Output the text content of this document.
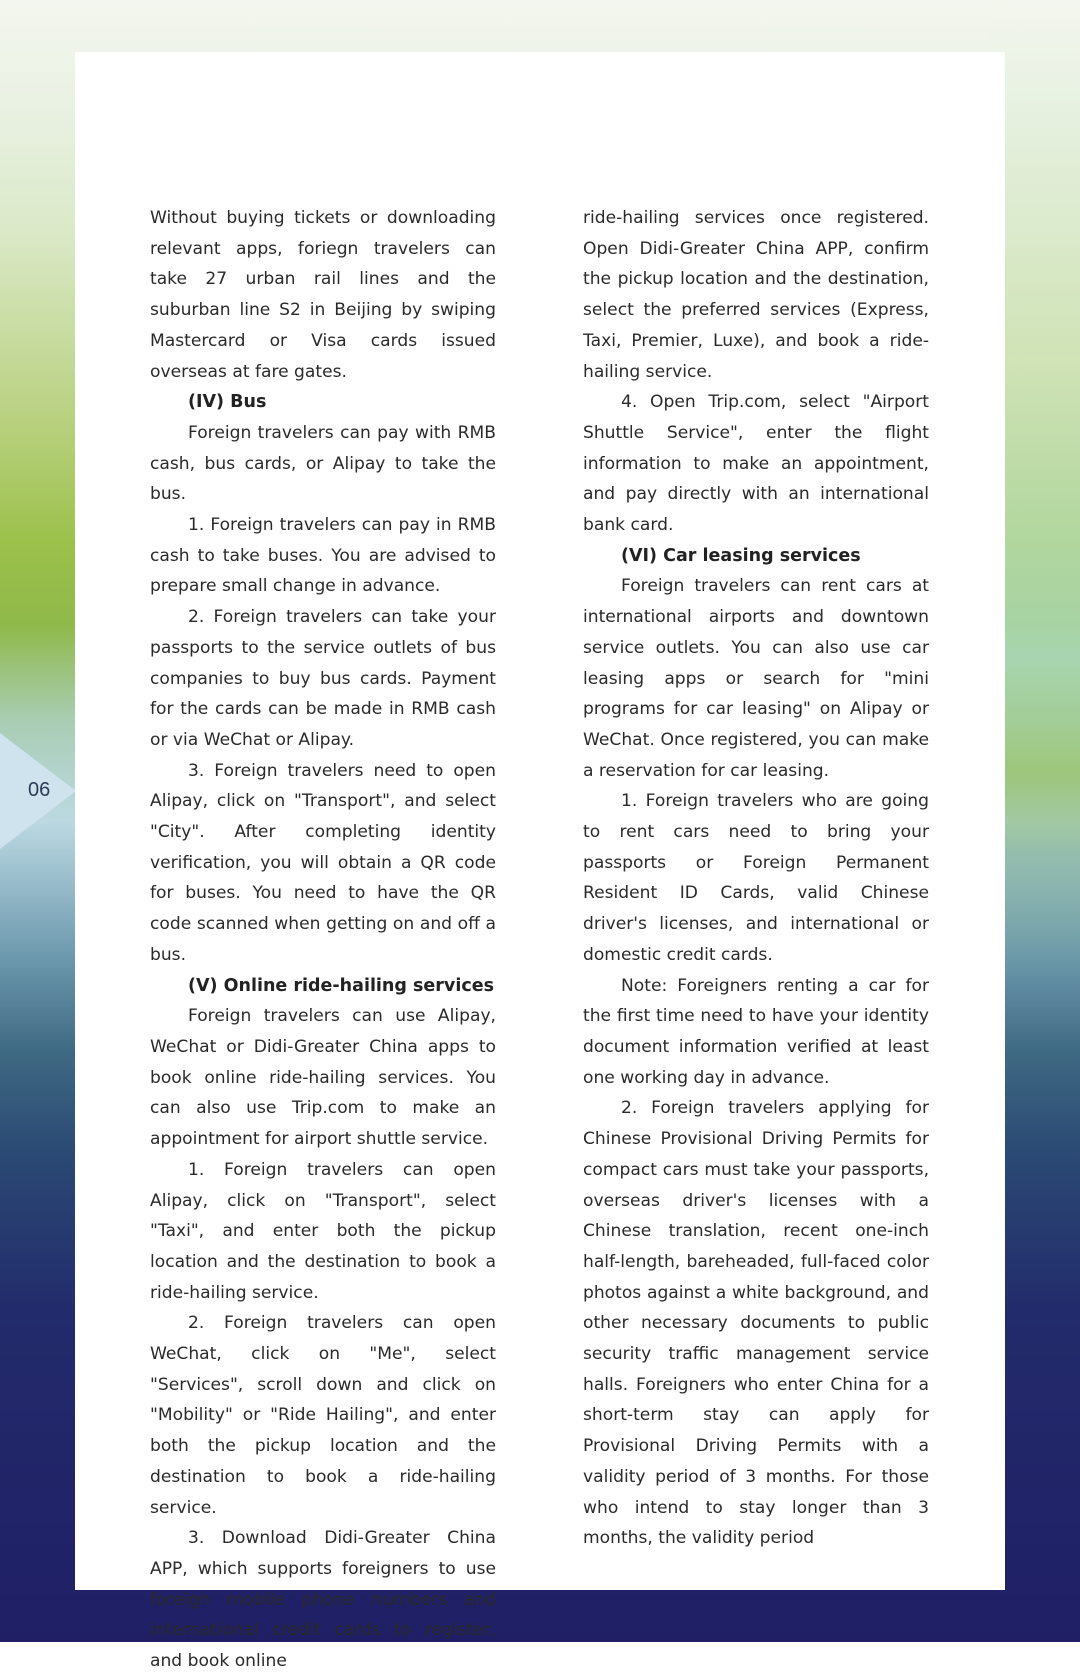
06

Without buying tickets or downloading relevant apps, foriegn travelers can take 27 urban rail lines and the suburban line S2 in Beijing by swiping Mastercard or Visa cards issued overseas at fare gates.

(IV) Bus

Foreign travelers can pay with RMB cash, bus cards, or Alipay to take the bus.

1. Foreign travelers can pay in RMB cash to take buses. You are advised to prepare small change in advance.

2. Foreign travelers can take your passports to the service outlets of bus companies to buy bus cards. Payment for the cards can be made in RMB cash or via WeChat or Alipay.

3. Foreign travelers need to open Alipay, click on "Transport", and select "City". After completing identity verification, you will obtain a QR code for buses. You need to have the QR code scanned when getting on and off a bus.

(V) Online ride-hailing services

Foreign travelers can use Alipay, WeChat or Didi-Greater China apps to book online ride-hailing services. You can also use Trip.com to make an appointment for airport shuttle service.

1. Foreign travelers can open Alipay, click on "Transport", select "Taxi", and enter both the pickup location and the destination to book a ride-hailing service.

2. Foreign travelers can open WeChat, click on "Me", select "Services", scroll down and click on "Mobility" or "Ride Hailing", and enter both the pickup location and the destination to book a ride-hailing service.

3. Download Didi-Greater China APP, which supports foreigners to use foreign mobile phone numbers and international credit cards to register, and book online

ride-hailing services once registered. Open Didi-Greater China APP, confirm the pickup location and the destination, select the preferred services (Express, Taxi, Premier, Luxe), and book a ride-hailing service.

4. Open Trip.com, select "Airport Shuttle Service", enter the flight information to make an appointment, and pay directly with an international bank card.

(VI) Car leasing services

Foreign travelers can rent cars at international airports and downtown service outlets. You can also use car leasing apps or search for "mini programs for car leasing" on Alipay or WeChat. Once registered, you can make a reservation for car leasing.

1. Foreign travelers who are going to rent cars need to bring your passports or Foreign Permanent Resident ID Cards, valid Chinese driver's licenses, and international or domestic credit cards.

Note: Foreigners renting a car for the first time need to have your identity document information verified at least one working day in advance.

2. Foreign travelers applying for Chinese Provisional Driving Permits for compact cars must take your passports, overseas driver's licenses with a Chinese translation, recent one-inch half-length, bareheaded, full-faced color photos against a white background, and other necessary documents to public security traffic management service halls. Foreigners who enter China for a short-term stay can apply for Provisional Driving Permits with a validity period of 3 months. For those who intend to stay longer than 3 months, the validity period
